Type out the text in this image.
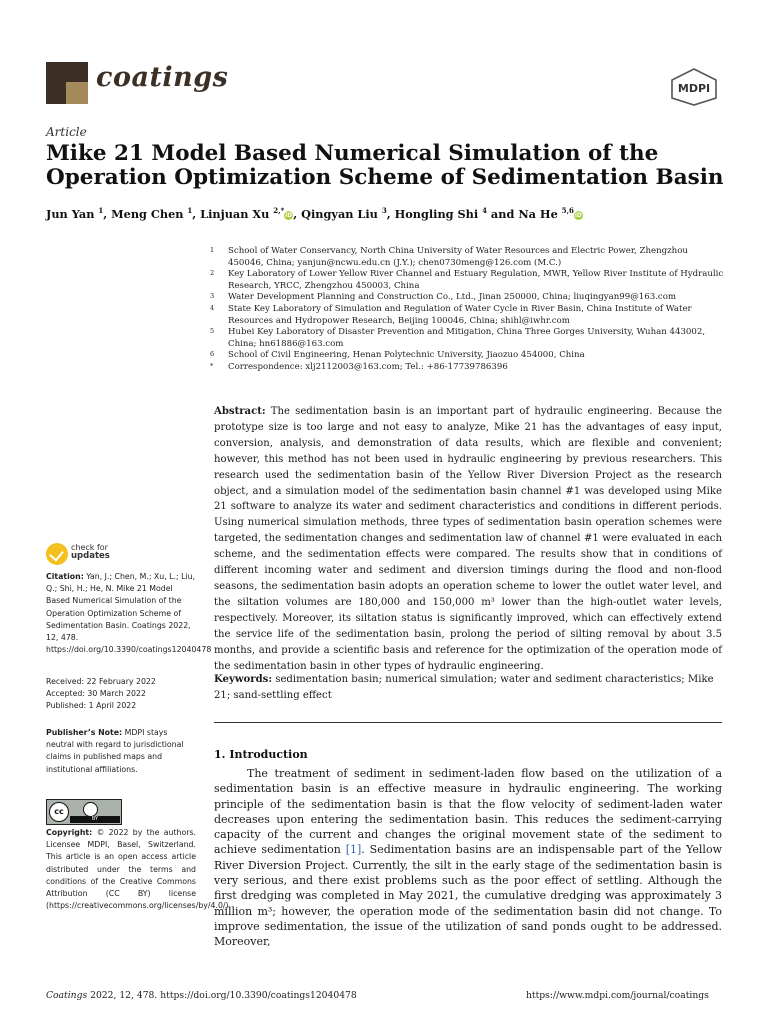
coatings	MDPI
Article
Mike 21 Model Based Numerical Simulation of the Operation Optimization Scheme of Sedimentation Basin
Jun Yan $^1$, Meng Chen $^1$, Linjuan Xu $^{2,*}$iD, Qingyan Liu $^3$, Hongling Shi $^4$ and Na He $^{5,6}$iD
1	School of Water Conservancy, North China University of Water Resources and Electric Power, Zhengzhou 450046, China; yanjun@ncwu.edu.cn (J.Y.); chen0730meng@126.com (M.C.)
2	Key Laboratory of Lower Yellow River Channel and Estuary Regulation, MWR, Yellow River Institute of Hydraulic Research, YRCC, Zhengzhou 450003, China
3	Water Development Planning and Construction Co., Ltd., Jinan 250000, China; liuqingyan99@163.com
4	State Key Laboratory of Simulation and Regulation of Water Cycle in River Basin, China Institute of Water Resources and Hydropower Research, Beijing 100046, China; shihl@iwhr.com
5	Hubei Key Laboratory of Disaster Prevention and Mitigation, China Three Gorges University, Wuhan 443002, China; hn61886@163.com
6	School of Civil Engineering, Henan Polytechnic University, Jiaozuo 454000, China
*	Correspondence: xlj2112003@163.com; Tel.: +86-17739786396
Abstract: The sedimentation basin is an important part of hydraulic engineering. Because the prototype size is too large and not easy to analyze, Mike 21 has the advantages of easy input, conversion, analysis, and demonstration of data results, which are flexible and convenient; however, this method has not been used in hydraulic engineering by previous researchers. This research used the sedimentation basin of the Yellow River Diversion Project as the research object, and a simulation model of the sedimentation basin channel #1 was developed using Mike 21 software to analyze its water and sediment characteristics and conditions in different periods. Using numerical simulation methods, three types of sedimentation basin operation schemes were targeted, the sedimentation changes and sedimentation law of channel #1 were evaluated in each scheme, and the sedimentation effects were compared. The results show that in conditions of different incoming water and sediment and diversion timings during the flood and non-flood seasons, the sedimentation basin adopts an operation scheme to lower the outlet water level, and the siltation volumes are 180,000 and 150,000 m³ lower than the high-outlet water levels, respectively. Moreover, its siltation status is significantly improved, which can effectively extend the service life of the sedimentation basin, prolong the period of silting removal by about 3.5 months, and provide a scientific basis and reference for the optimization of the operation mode of the sedimentation basin in other types of hydraulic engineering.
Keywords: sedimentation basin; numerical simulation; water and sediment characteristics; Mike 21; sand-settling effect
1. Introduction
The treatment of sediment in sediment-laden flow based on the utilization of a sedimentation basin is an effective measure in hydraulic engineering. The working principle of the sedimentation basin is that the flow velocity of sediment-laden water decreases upon entering the sedimentation basin. This reduces the sediment-carrying capacity of the current and changes the original movement state of the sediment to achieve sedimentation [1]. Sedimentation basins are an indispensable part of the Yellow River Diversion Project. Currently, the silt in the early stage of the sedimentation basin is very serious, and there exist problems such as the poor effect of settling. Although the first dredging was completed in May 2021, the cumulative dredging was approximately 3 million m³; however, the operation mode of the sedimentation basin did not change. To improve sedimentation, the issue of the utilization of sand ponds ought to be addressed. Moreover,
check for
updates
Citation: Yan, J.; Chen, M.; Xu, L.; Liu, Q.; Shi, H.; He, N. Mike 21 Model Based Numerical Simulation of the Operation Optimization Scheme of Sedimentation Basin. Coatings 2022, 12, 478. https://doi.org/10.3390/coatings12040478
Received: 22 February 2022
Accepted: 30 March 2022
Published: 1 April 2022
Publisher’s Note: MDPI stays neutral with regard to jurisdictional claims in published maps and institutional affiliations.
cc
BY
Copyright: © 2022 by the authors. Licensee MDPI, Basel, Switzerland. This article is an open access article distributed under the terms and conditions of the Creative Commons Attribution (CC BY) license (https://creativecommons.org/licenses/by/4.0/).
Coatings 2022, 12, 478. https://doi.org/10.3390/coatings12040478	https://www.mdpi.com/journal/coatings
